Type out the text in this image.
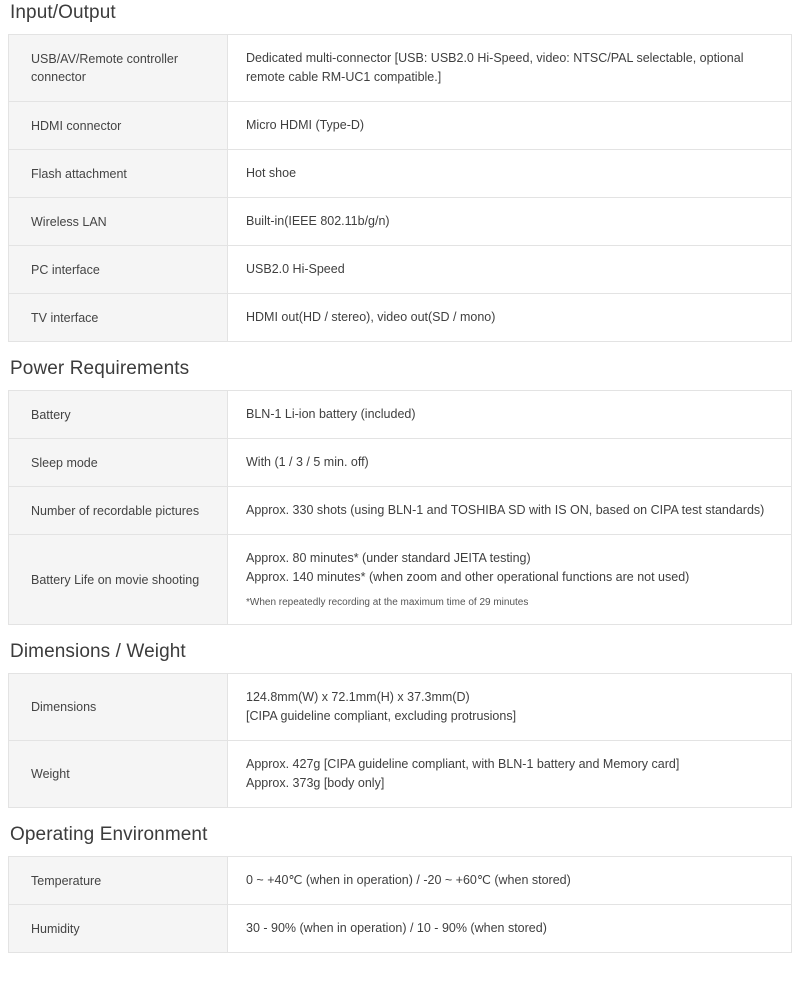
Input/Output
USB/AV/Remote controller connector	Dedicated multi-connector [USB: USB2.0 Hi-Speed, video: NTSC/PAL selectable, optional remote cable RM-UC1 compatible.]

HDMI connector	Micro HDMI (Type-D)

Flash attachment	Hot shoe

Wireless LAN	Built-in(IEEE 802.11b/g/n)

PC interface	USB2.0 Hi-Speed

TV interface	HDMI out(HD / stereo), video out(SD / mono)
Power Requirements
Battery	BLN-1 Li-ion battery (included)

Sleep mode	With (1 / 3 / 5 min. off)

Number of recordable pictures	Approx. 330 shots (using BLN-1 and TOSHIBA SD with IS ON, based on CIPA test standards)

Battery Life on movie shooting	Approx. 80 minutes* (under standard JEITA testing)
Approx. 140 minutes* (when zoom and other operational functions are not used)
*When repeatedly recording at the maximum time of 29 minutes
Dimensions / Weight
Dimensions	124.8mm(W) x 72.1mm(H) x 37.3mm(D)
[CIPA guideline compliant, excluding protrusions]

Weight	Approx. 427g [CIPA guideline compliant, with BLN-1 battery and Memory card]
Approx. 373g [body only]
Operating Environment
Temperature	0 ~ +40℃ (when in operation) / -20 ~ +60℃ (when stored)

Humidity	30 - 90% (when in operation) / 10 - 90% (when stored)
